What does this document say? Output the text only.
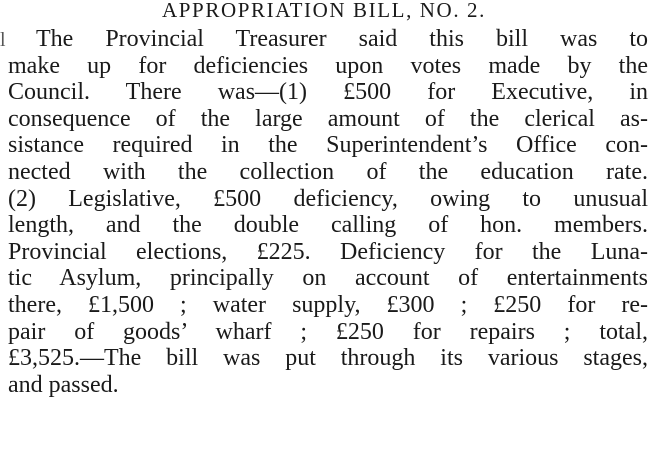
APPROPRIATION BILL, NO. 2.
l	The Provincial Treasurer said this bill was to
make up for deficiencies upon votes made by the
Council. There was—(1) £500 for Executive, in
consequence of the large amount of the clerical as-
sistance required in the Superintendent’s Office con-
nected with the collection of the education rate.
(2) Legislative, £500 deficiency, owing to unusual
length, and the double calling of hon. members.
Provincial elections, £225. Deficiency for the Luna-
tic Asylum, principally on account of entertainments
there, £1,500 ; water supply, £300 ; £250 for re-
pair of goods’ wharf ; £250 for repairs ; total,
£3,525.—The bill was put through its various stages,
and passed.
